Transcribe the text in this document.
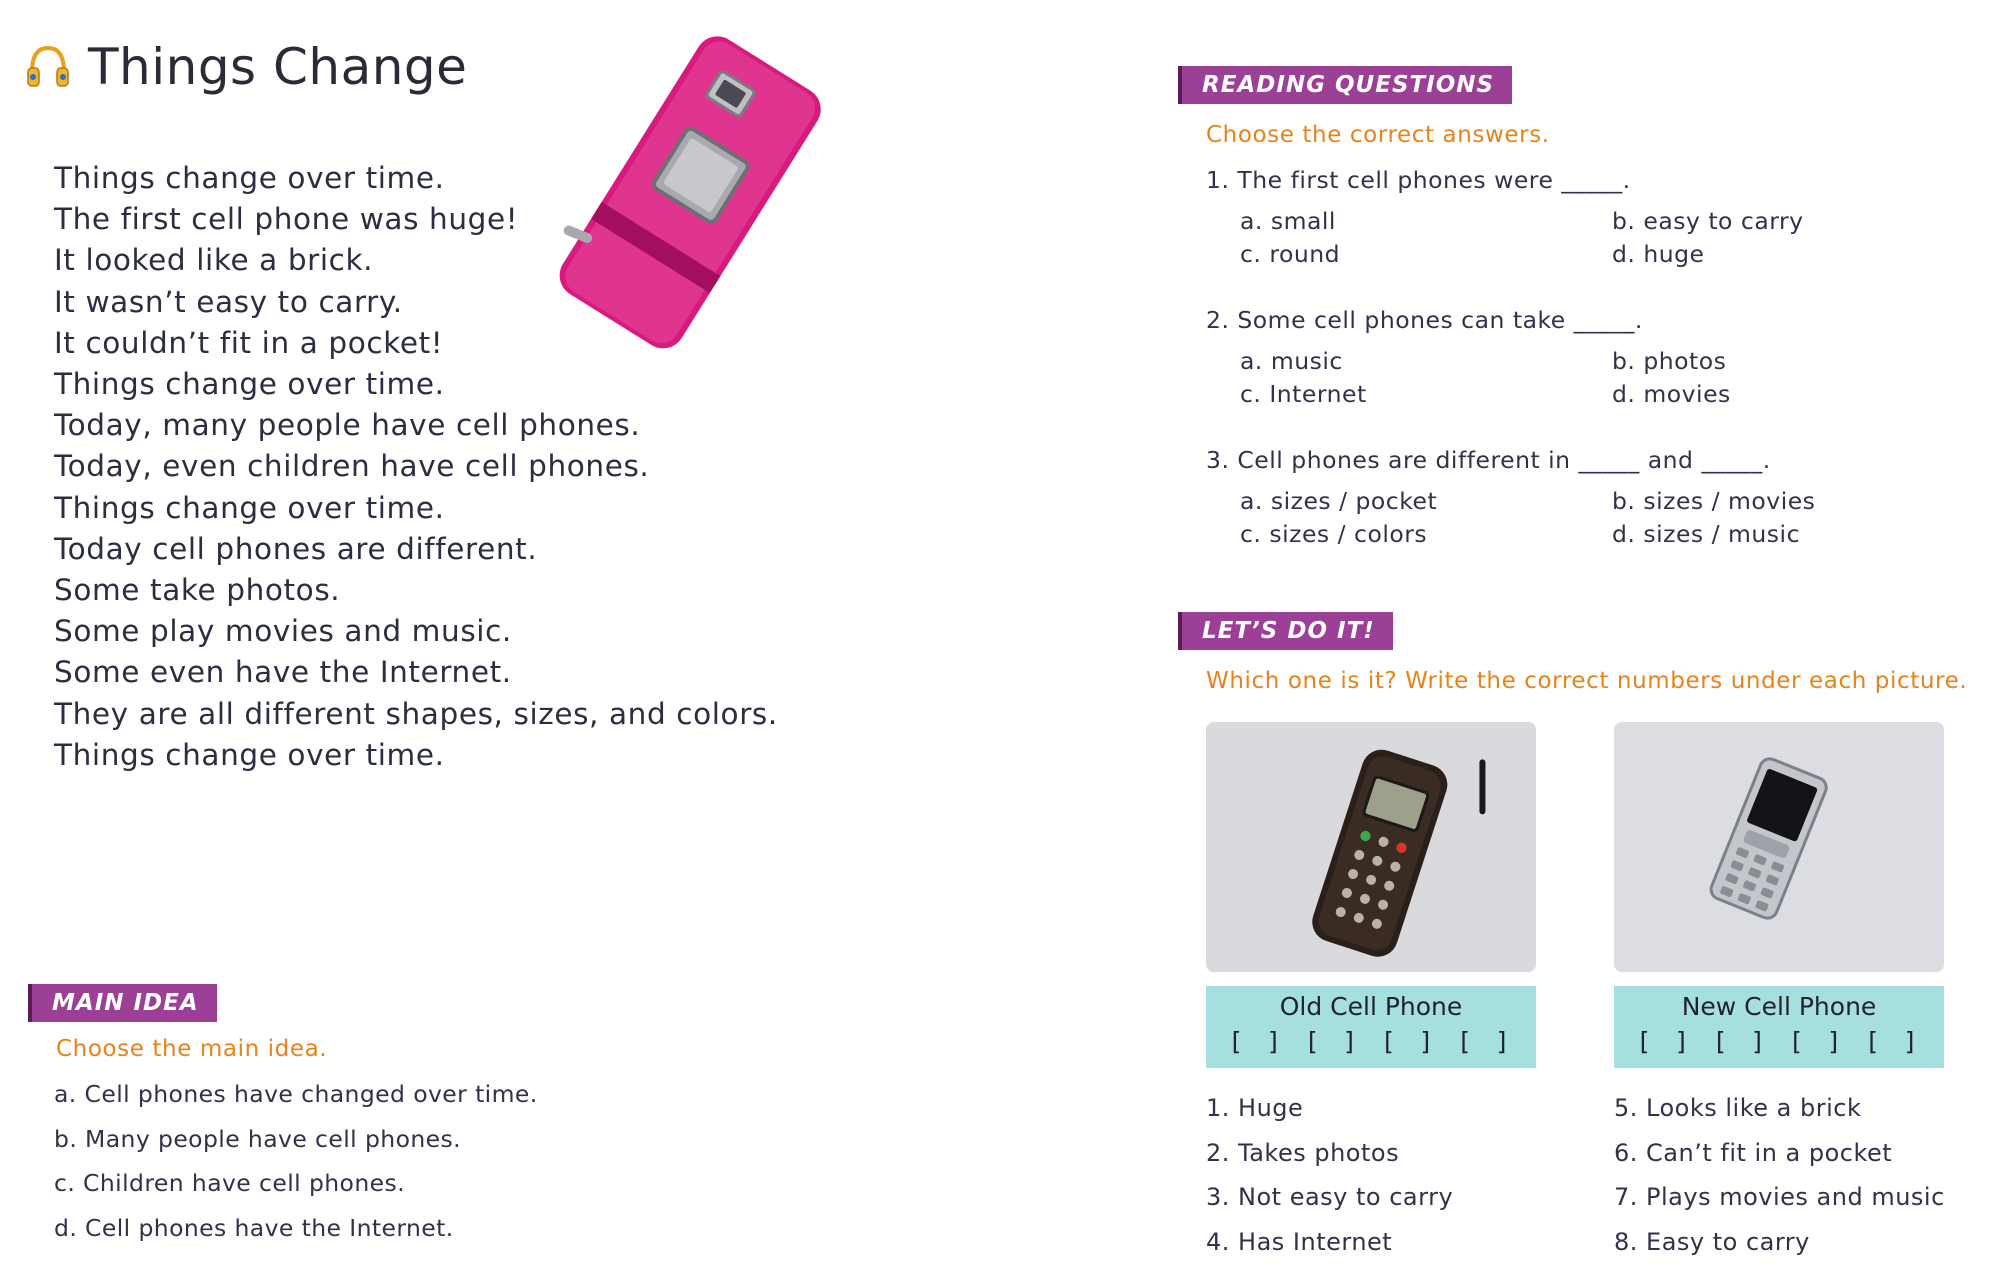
Things Change
Things change over time.
The first cell phone was huge!
It looked like a brick.
It wasn’t easy to carry.
It couldn’t fit in a pocket!
Things change over time.
Today, many people have cell phones.
Today, even children have cell phones.
Things change over time.
Today cell phones are different.
Some take photos.
Some play movies and music.
Some even have the Internet.
They are all different shapes, sizes, and colors.
Things change over time.
MAIN IDEA
Choose the main idea.
a. Cell phones have changed over time.
b. Many people have cell phones.
c. Children have cell phones.
d. Cell phones have the Internet.
READING QUESTIONS
Choose the correct answers.
1. The first cell phones were _____.
a. small	b. easy to carry
c. round	d. huge
2. Some cell phones can take _____.
a. music	b. photos
c. Internet	d. movies
3. Cell phones are different in _____ and _____.
a. sizes / pocket	b. sizes / movies
c. sizes / colors	d. sizes / music
LET’S DO IT!
Which one is it? Write the correct numbers under each picture.
Old Cell Phone
[ ] [ ] [ ] [ ]
New Cell Phone
[ ] [ ] [ ] [ ]
1. Huge
2. Takes photos
3. Not easy to carry
4. Has Internet
5. Looks like a brick
6. Can’t fit in a pocket
7. Plays movies and music
8. Easy to carry
